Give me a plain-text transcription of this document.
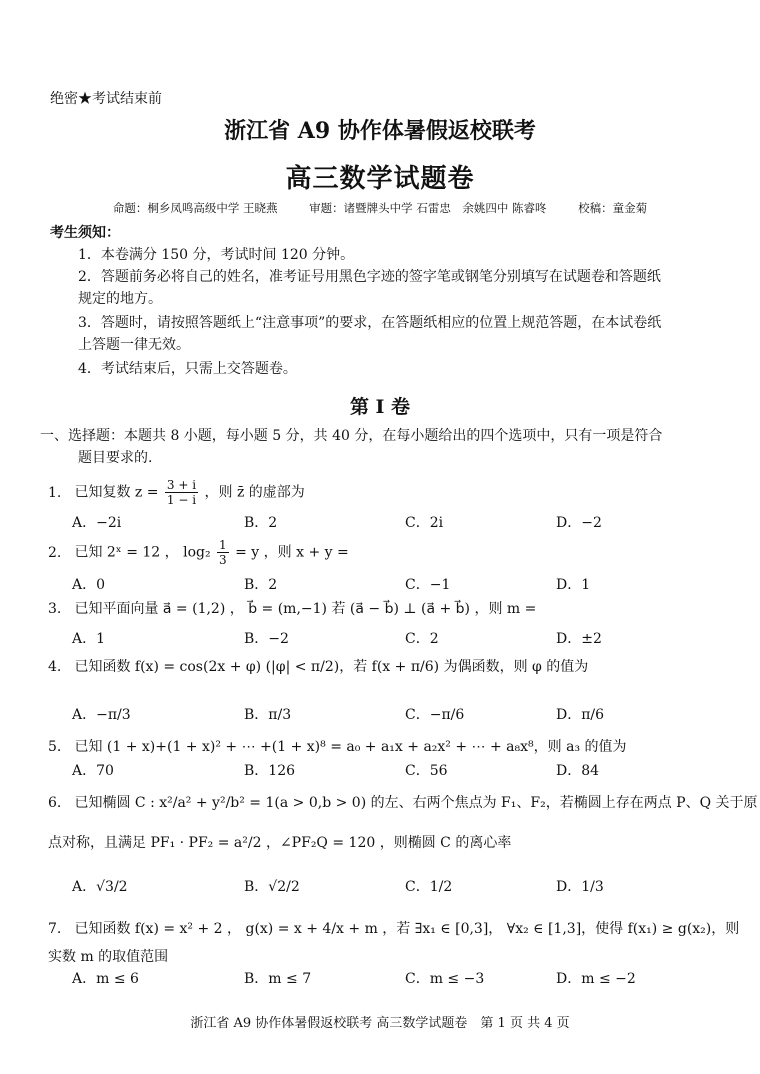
绝密★考试结束前
浙江省 A9 协作体暑假返校联考
高三数学试题卷
命题：桐乡凤鸣高级中学 王晓燕	审题：诸暨牌头中学 石雷忠　余姚四中 陈睿咚	校稿：童金菊
考生须知：
1．本卷满分 150 分，考试时间 120 分钟。
2．答题前务必将自己的姓名，准考证号用黑色字迹的签字笔或钢笔分别填写在试题卷和答题纸
规定的地方。
3．答题时，请按照答题纸上“注意事项”的要求，在答题纸相应的位置上规范答题，在本试卷纸
上答题一律无效。
4．考试结束后，只需上交答题卷。
第 I 卷
一、选择题：本题共 8 小题，每小题 5 分，共 40 分，在每小题给出的四个选项中，只有一项是符合
题目要求的.
1. 已知复数 $z = \frac{3 + i}{1 - i}$ ，则 z̄ 的虚部为
A．−2i	B．2	C．2i	D．−2
2. 已知 2ˣ = 12 ， $\log_2 \frac{1}{3} = y$ ，则 x + y =
A．0	B．2	C．−1	D．1
3. 已知平面向量 a⃗ = (1,2) ， b⃗ = (m,−1) 若 (a⃗ − b⃗) ⊥ (a⃗ + b⃗) ，则 m =
A．1	B．−2	C．2	D．±2
4. 已知函数 f(x) = cos(2x + φ) (|φ| < π/2)，若 f(x + π/6) 为偶函数，则 φ 的值为
A．−π/3	B．π/3	C．−π/6	D．π/6
5. 已知 (1 + x)+(1 + x)² + ⋯ +(1 + x)⁸ = a₀ + a₁x + a₂x² + ⋯ + a₈x⁸，则 a₃ 的值为
A．70	B．126	C．56	D．84
6. 已知椭圆 C : x²/a² + y²/b² = 1(a > 0,b > 0) 的左、右两个焦点为 F₁、F₂，若椭圆上存在两点 P、Q 关于原
点对称，且满足 PF₁ · PF₂ = a²/2 ，∠PF₂Q = 120 ，则椭圆 C 的离心率
A．√3/2	B．√2/2	C．1/2	D．1/3
7. 已知函数 f(x) = x² + 2 ， g(x) = x + 4/x + m ，若 ∃x₁ ∈ [0,3]， ∀x₂ ∈ [1,3]，使得 f(x₁) ≥ g(x₂)，则
实数 m 的取值范围
A．m ≤ 6	B．m ≤ 7	C．m ≤ −3	D．m ≤ −2
浙江省 A9 协作体暑假返校联考 高三数学试题卷　第 1 页 共 4 页
